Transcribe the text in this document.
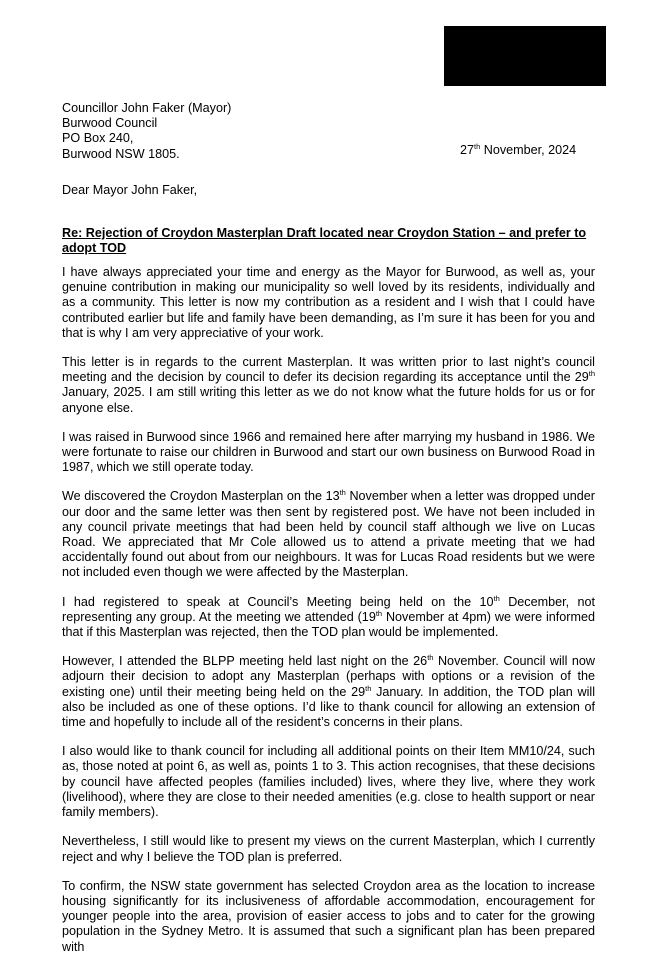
Councillor John Faker (Mayor)
Burwood Council
PO Box 240,
Burwood NSW 1805.	27th November, 2024
Dear Mayor John Faker,
Re: Rejection of Croydon Masterplan Draft located near Croydon Station – and prefer to adopt TOD

I have always appreciated your time and energy as the Mayor for Burwood, as well as, your genuine contribution in making our municipality so well loved by its residents, individually and as a community. This letter is now my contribution as a resident and I wish that I could have contributed earlier but life and family have been demanding, as I’m sure it has been for you and that is why I am very appreciative of your work.

This letter is in regards to the current Masterplan. It was written prior to last night’s council meeting and the decision by council to defer its decision regarding its acceptance until the 29th January, 2025. I am still writing this letter as we do not know what the future holds for us or for anyone else.

I was raised in Burwood since 1966 and remained here after marrying my husband in 1986. We were fortunate to raise our children in Burwood and start our own business on Burwood Road in 1987, which we still operate today.

We discovered the Croydon Masterplan on the 13th November when a letter was dropped under our door and the same letter was then sent by registered post. We have not been included in any council private meetings that had been held by council staff although we live on Lucas Road. We appreciated that Mr Cole allowed us to attend a private meeting that we had accidentally found out about from our neighbours. It was for Lucas Road residents but we were not included even though we were affected by the Masterplan.

I had registered to speak at Council’s Meeting being held on the 10th December, not representing any group. At the meeting we attended (19th November at 4pm) we were informed that if this Masterplan was rejected, then the TOD plan would be implemented.

However, I attended the BLPP meeting held last night on the 26th November. Council will now adjourn their decision to adopt any Masterplan (perhaps with options or a revision of the existing one) until their meeting being held on the 29th January. In addition, the TOD plan will also be included as one of these options. I’d like to thank council for allowing an extension of time and hopefully to include all of the resident’s concerns in their plans.

I also would like to thank council for including all additional points on their Item MM10/24, such as, those noted at point 6, as well as, points 1 to 3. This action recognises, that these decisions by council have affected peoples (families included) lives, where they live, where they work (livelihood), where they are close to their needed amenities (e.g. close to health support or near family members).

Nevertheless, I still would like to present my views on the current Masterplan, which I currently reject and why I believe the TOD plan is preferred.

To confirm, the NSW state government has selected Croydon area as the location to increase housing significantly for its inclusiveness of affordable accommodation, encouragement for younger people into the area, provision of easier access to jobs and to cater for the growing population in the Sydney Metro. It is assumed that such a significant plan has been prepared with
